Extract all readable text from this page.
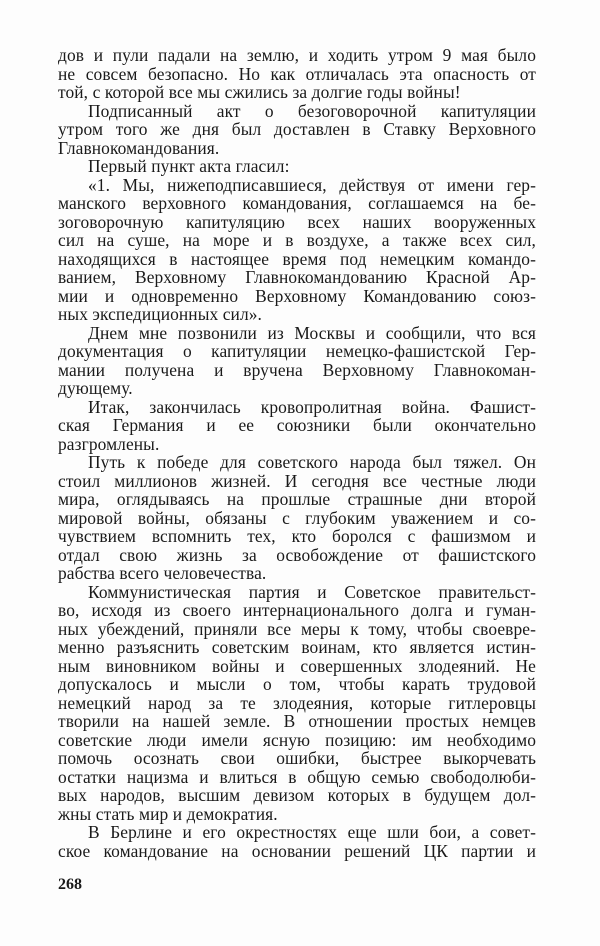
дов и пули падали на землю, и ходить утром 9 мая было
не совсем безопасно. Но как отличалась эта опасность от
той, с которой все мы сжились за долгие годы войны!
Подписанный акт о безоговорочной капитуляции
утром того же дня был доставлен в Ставку Верховного
Главнокомандования.
Первый пункт акта гласил:
«1. Мы, нижеподписавшиеся, действуя от имени гер-
манского верховного командования, соглашаемся на бе-
зоговорочную капитуляцию всех наших вооруженных
сил на суше, на море и в воздухе, а также всех сил,
находящихся в настоящее время под немецким командо-
ванием, Верховному Главнокомандованию Красной Ар-
мии и одновременно Верховному Командованию союз-
ных экспедиционных сил».
Днем мне позвонили из Москвы и сообщили, что вся
документация о капитуляции немецко-фашистской Гер-
мании получена и вручена Верховному Главнокоман-
дующему.
Итак, закончилась кровопролитная война. Фашист-
ская Германия и ее союзники были окончательно
разгромлены.
Путь к победе для советского народа был тяжел. Он
стоил миллионов жизней. И сегодня все честные люди
мира, оглядываясь на прошлые страшные дни второй
мировой войны, обязаны с глубоким уважением и со-
чувствием вспомнить тех, кто боролся с фашизмом и
отдал свою жизнь за освобождение от фашистского
рабства всего человечества.
Коммунистическая партия и Советское правительст-
во, исходя из своего интернационального долга и гуман-
ных убеждений, приняли все меры к тому, чтобы своевре-
менно разъяснить советским воинам, кто является истин-
ным виновником войны и совершенных злодеяний. Не
допускалось и мысли о том, чтобы карать трудовой
немецкий народ за те злодеяния, которые гитлеровцы
творили на нашей земле. В отношении простых немцев
советские люди имели ясную позицию: им необходимо
помочь осознать свои ошибки, быстрее выкорчевать
остатки нацизма и влиться в общую семью свободолюби-
вых народов, высшим девизом которых в будущем дол-
жны стать мир и демократия.
В Берлине и его окрестностях еще шли бои, а совет-
ское командование на основании решений ЦК партии и
268
